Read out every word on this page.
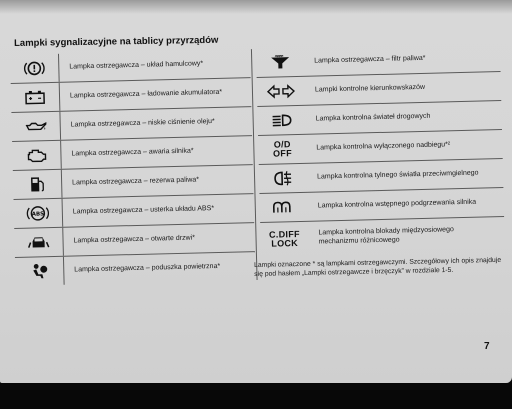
Lampki sygnalizacyjne na tablicy przyrządów
Lampka ostrzegawcza – układ hamulcowy*
Lampka ostrzegawcza – ładowanie akumulatora*
Lampka ostrzegawcza – niskie ciśnienie oleju*
Lampka ostrzegawcza – awaria silnika*
Lampka ostrzegawcza – rezerwa paliwa*
ABS	Lampka ostrzegawcza – usterka układu ABS*
Lampka ostrzegawcza – otwarte drzwi*
Lampka ostrzegawcza – poduszka powietrzna*
Lampka ostrzegawcza – filtr paliwa*
Lampki kontrolne kierunkowskazów
Lampka kontrolna świateł drogowych
O/D
OFF
Lampka kontrolna wyłączonego nadbiegu*²
Lampka kontrolna tylnego światła przeciwmgielnego
Lampka kontrolna wstępnego podgrzewania silnika
C.DIFF
LOCK
Lampka kontrolna blokady międzyosiowego mechanizmu różnicowego
Lampki oznaczone * są lampkami ostrzegawczymi. Szczegółowy ich opis znajduje się pod hasłem „Lampki ostrzegawcze i brzęczyk” w rozdziale 1-5.
7
